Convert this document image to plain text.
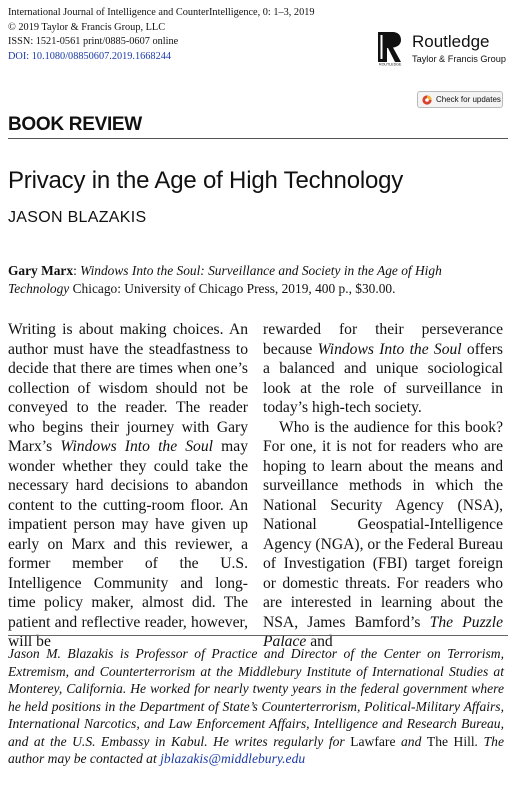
International Journal of Intelligence and CounterIntelligence, 0: 1–3, 2019
© 2019 Taylor & Francis Group, LLC
ISSN: 1521-0561 print/0885-0607 online
DOI: 10.1080/08850607.2019.1668244
ROUTLEDGE
Routledge
Taylor & Francis Group
Check for updates
BOOK REVIEW
Privacy in the Age of High Technology
JASON BLAZAKIS
Gary Marx: Windows Into the Soul: Surveillance and Society in the Age of High Technology Chicago: University of Chicago Press, 2019, 400 p., $30.00.

Writing is about making choices. An author must have the steadfastness to decide that there are times when one’s collection of wisdom should not be conveyed to the reader. The reader who begins their journey with Gary Marx’s Windows Into the Soul may wonder whether they could take the necessary hard decisions to abandon content to the cutting-room floor. An impatient person may have given up early on Marx and this reviewer, a former member of the U.S. Intelligence Community and long-time policy maker, almost did. The patient and reflective reader, however, will be

rewarded for their perseverance because Windows Into the Soul offers a balanced and unique sociological look at the role of surveillance in today’s high-tech society.

Who is the audience for this book? For one, it is not for readers who are hoping to learn about the means and surveillance methods in which the National Security Agency (NSA), National Geospatial-Intelligence Agency (NGA), or the Federal Bureau of Investigation (FBI) target foreign or domestic threats. For readers who are interested in learning about the NSA, James Bamford’s The Puzzle Palace and

Jason M. Blazakis is Professor of Practice and Director of the Center on Terrorism, Extremism, and Counterterrorism at the Middlebury Institute of International Studies at Monterey, California. He worked for nearly twenty years in the federal government where he held positions in the Department of State’s Counterterrorism, Political-Military Affairs, International Narcotics, and Law Enforcement Affairs, Intelligence and Research Bureau, and at the U.S. Embassy in Kabul. He writes regularly for Lawfare and The Hill. The author may be contacted at jblazakis@middlebury.edu
